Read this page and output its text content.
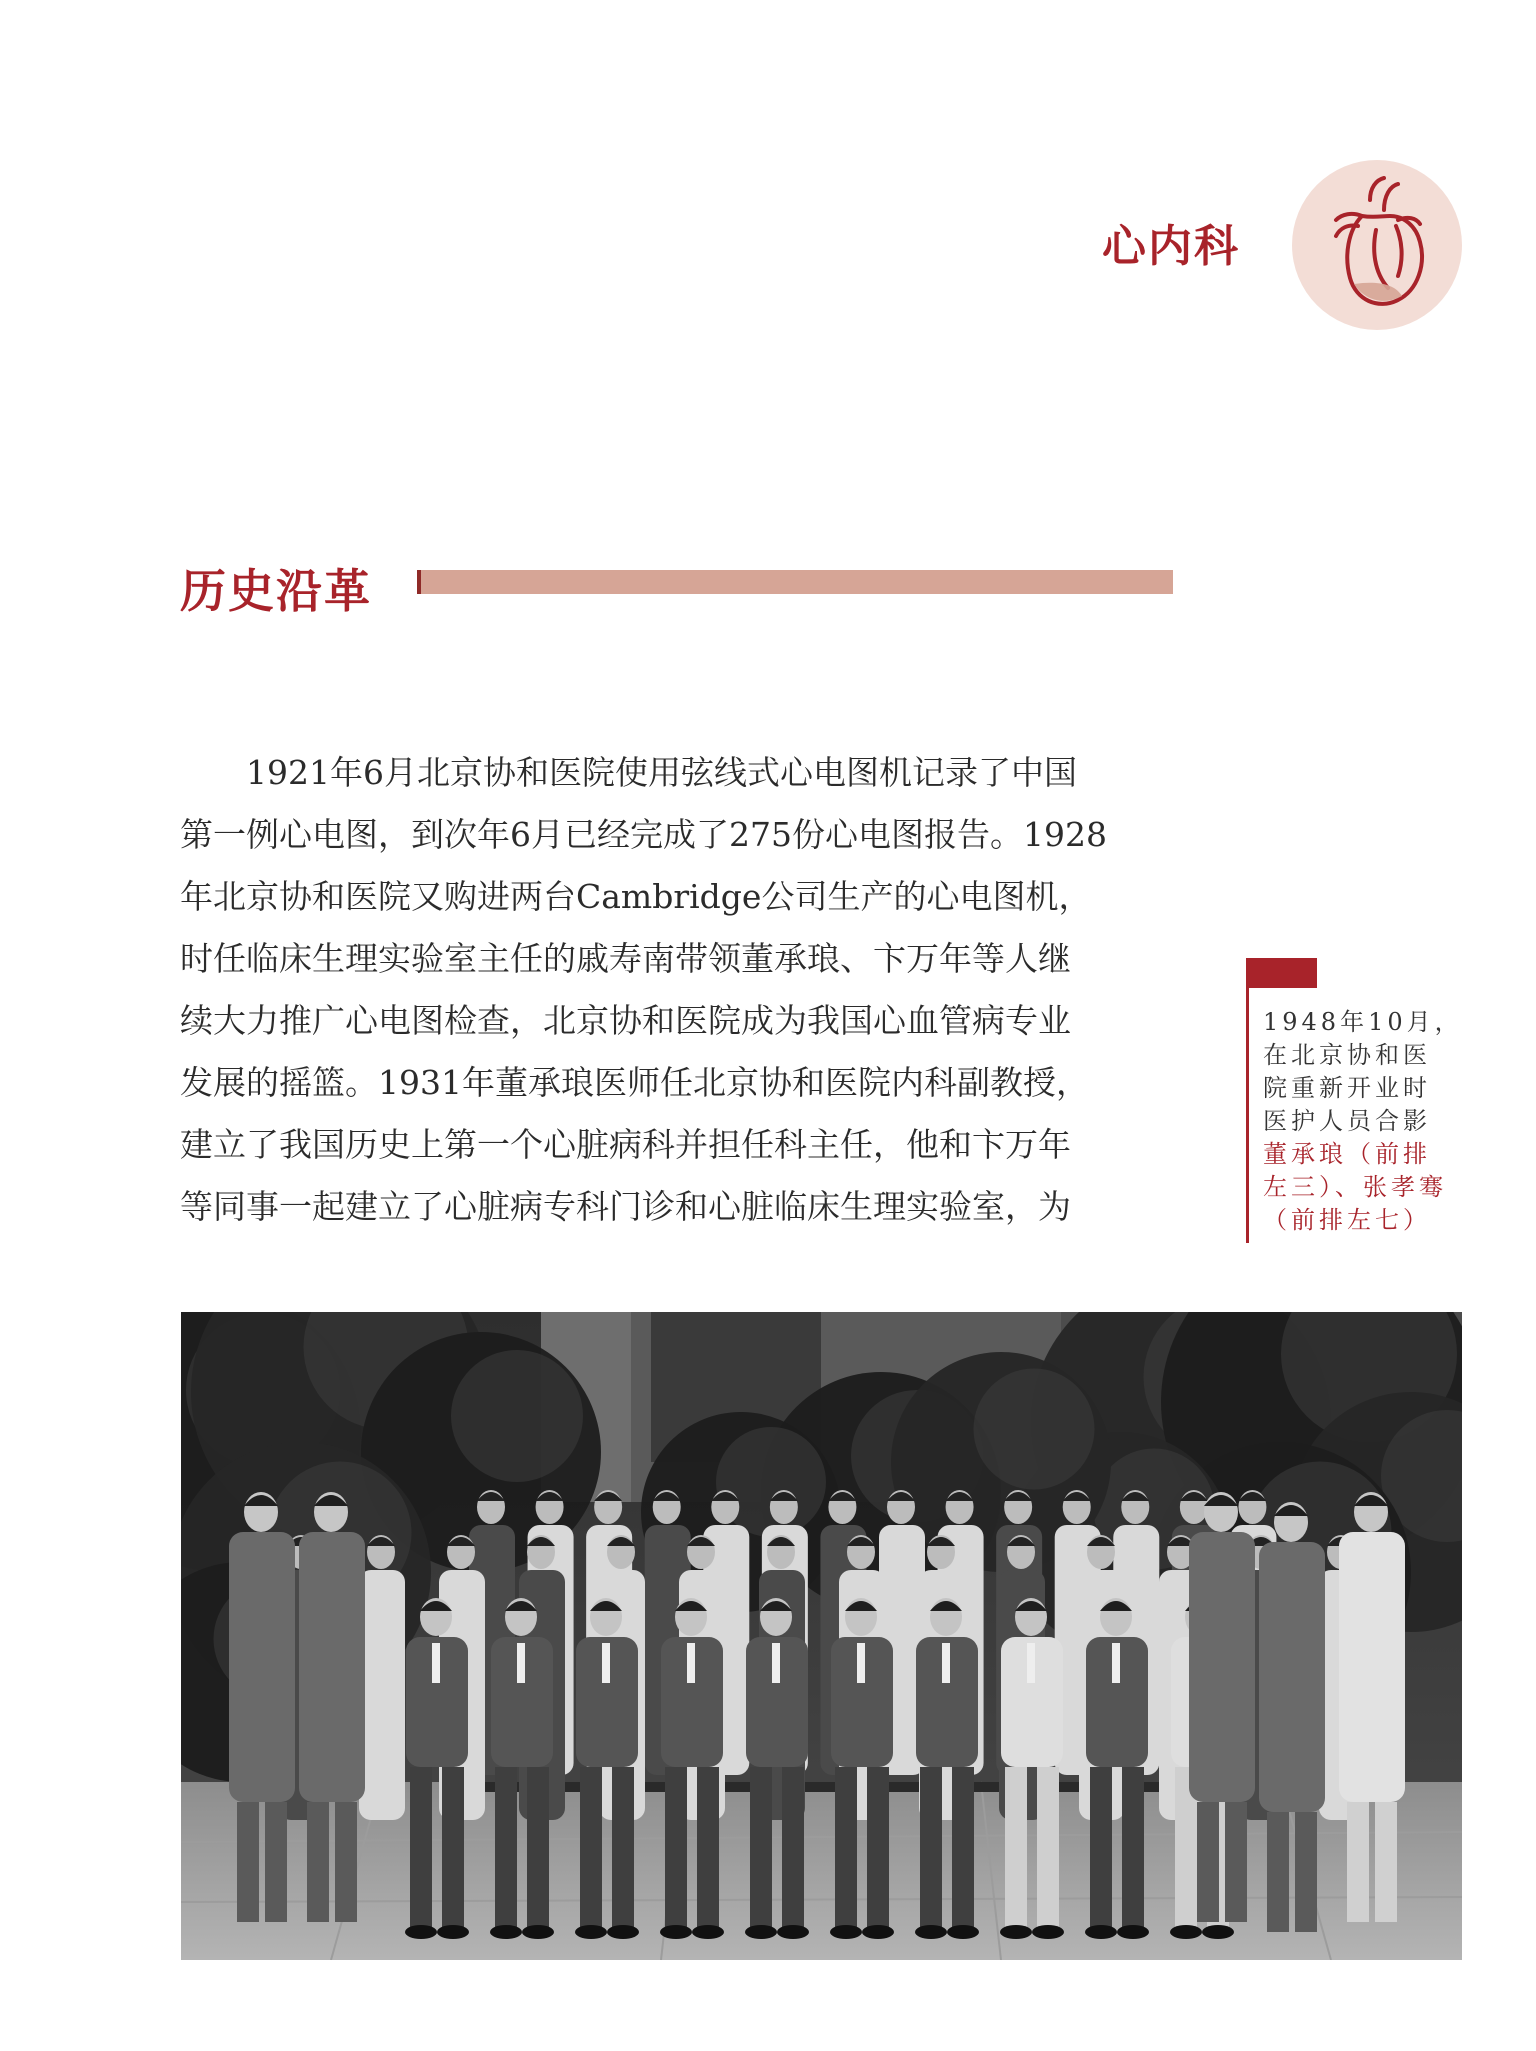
心内科
历史沿革
　　1921年6月北京协和医院使用弦线式心电图机记录了中国
第一例心电图，到次年6月已经完成了275份心电图报告。1928
年北京协和医院又购进两台Cambridge公司生产的心电图机，
时任临床生理实验室主任的戚寿南带领董承琅、卞万年等人继
续大力推广心电图检查，北京协和医院成为我国心血管病专业
发展的摇篮。1931年董承琅医师任北京协和医院内科副教授，
建立了我国历史上第一个心脏病科并担任科主任，他和卞万年
等同事一起建立了心脏病专科门诊和心脏临床生理实验室，为
1948年10月，
在北京协和医
院重新开业时
医护人员合影
董承琅（前排
左三）、张孝骞
（前排左七）
